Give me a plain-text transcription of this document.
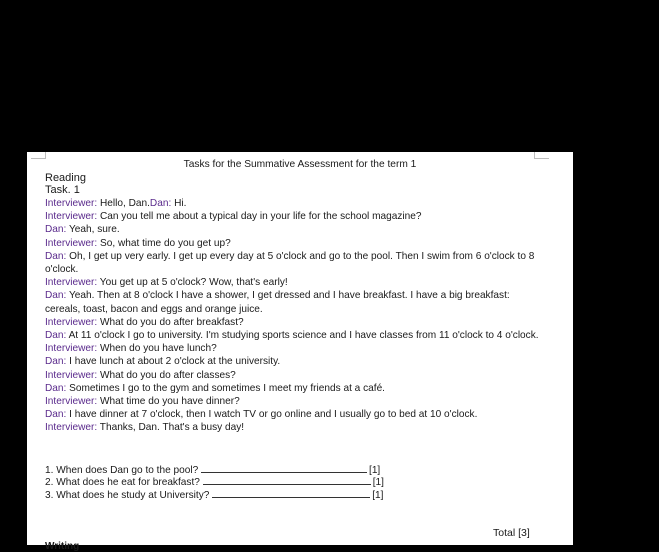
Tasks for the Summative Assessment for the term 1
Reading
Task. 1
Interviewer: Hello, Dan.Dan: Hi.
Interviewer: Can you tell me about a typical day in your life for the school magazine?
Dan: Yeah, sure.
Interviewer: So, what time do you get up?
Dan: Oh, I get up very early. I get up every day at 5 o'clock and go to the pool. Then I swim from 6 o'clock to 8 o'clock.
Interviewer: You get up at 5 o'clock? Wow, that's early!
Dan: Yeah. Then at 8 o'clock I have a shower, I get dressed and I have breakfast. I have a big breakfast: cereals, toast, bacon and eggs and orange juice.
Interviewer: What do you do after breakfast?
Dan: At 11 o'clock I go to university. I'm studying sports science and I have classes from 11 o'clock to 4 o'clock.
Interviewer: When do you have lunch?
Dan: I have lunch at about 2 o'clock at the university.
Interviewer: What do you do after classes?
Dan: Sometimes I go to the gym and sometimes I meet my friends at a café.
Interviewer: What time do you have dinner?
Dan: I have dinner at 7 o'clock, then I watch TV or go online and I usually go to bed at 10 o'clock.
Interviewer: Thanks, Dan. That's a busy day!
1. When does Dan go to the pool?	[1]
2. What does he eat for breakfast?	[1]
3. What does he study at University?	[1]
Total [3]
Writing
